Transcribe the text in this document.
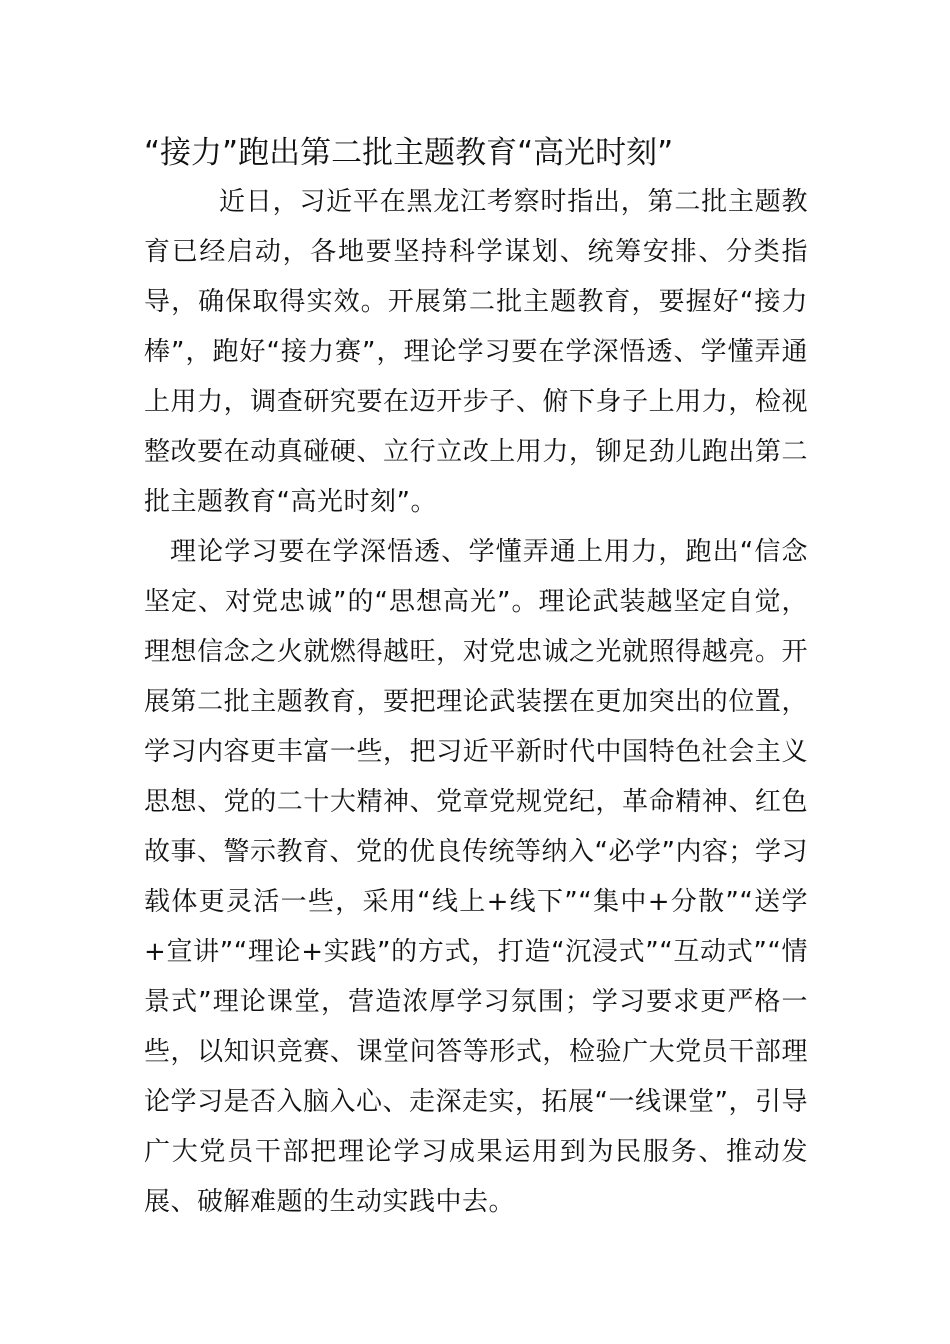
“接力”跑出第二批主题教育“高光时刻”

近日，习近平在黑龙江考察时指出，第二批主题教育已经启动，各地要坚持科学谋划、统筹安排、分类指导，确保取得实效。开展第二批主题教育，要握好“接力棒”，跑好“接力赛”，理论学习要在学深悟透、学懂弄通上用力，调查研究要在迈开步子、俯下身子上用力，检视整改要在动真碰硬、立行立改上用力，铆足劲儿跑出第二批主题教育“高光时刻”。

理论学习要在学深悟透、学懂弄通上用力，跑出“信念坚定、对党忠诚”的“思想高光”。理论武装越坚定自觉，理想信念之火就燃得越旺，对党忠诚之光就照得越亮。开展第二批主题教育，要把理论武装摆在更加突出的位置，学习内容更丰富一些，把习近平新时代中国特色社会主义思想、党的二十大精神、党章党规党纪，革命精神、红色故事、警示教育、党的优良传统等纳入“必学”内容；学习载体更灵活一些，采用“线上+线下”“集中+分散”“送学+宣讲”“理论+实践”的方式，打造“沉浸式”“互动式”“情景式”理论课堂，营造浓厚学习氛围；学习要求更严格一些，以知识竞赛、课堂问答等形式，检验广大党员干部理论学习是否入脑入心、走深走实，拓展“一线课堂”，引导广大党员干部把理论学习成果运用到为民服务、推动发展、破解难题的生动实践中去。
